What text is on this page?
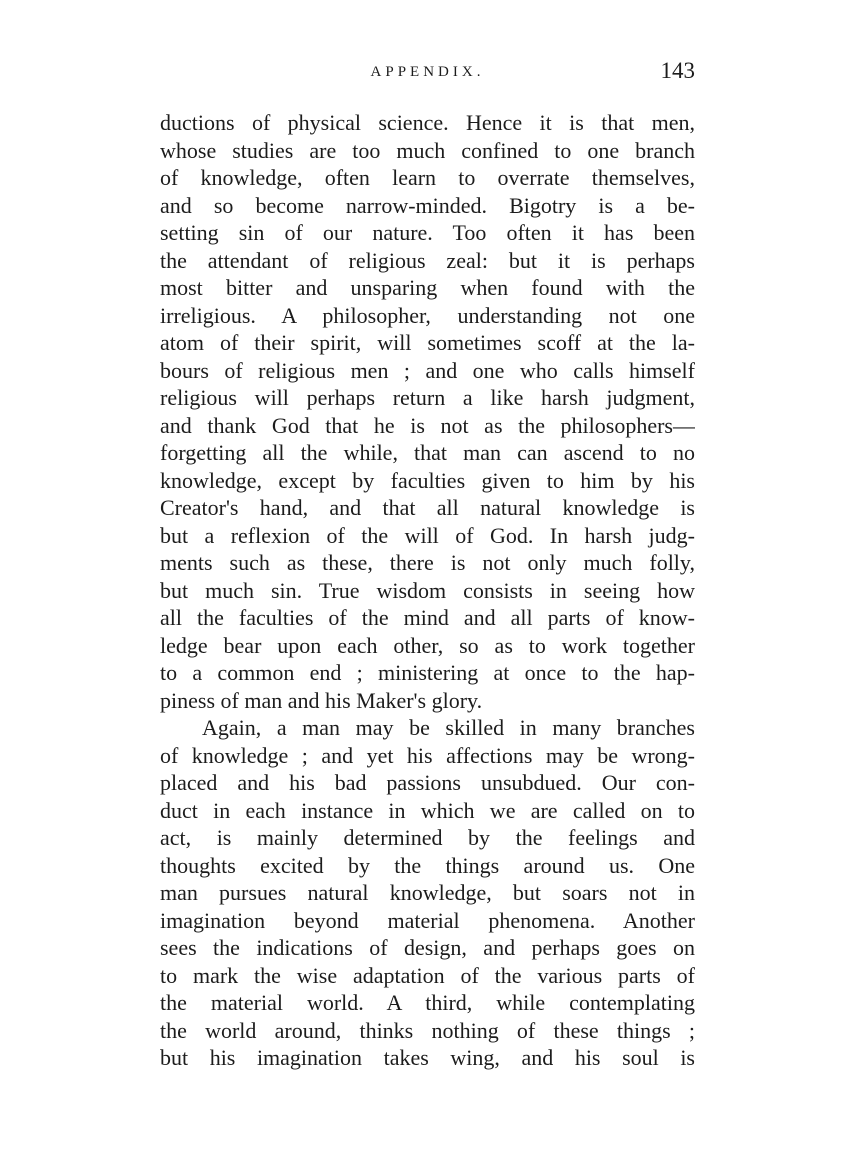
APPENDIX.	143
ductions of physical science. Hence it is that men,
whose studies are too much confined to one branch
of knowledge, often learn to overrate themselves,
and so become narrow-minded. Bigotry is a be-
setting sin of our nature. Too often it has been
the attendant of religious zeal: but it is perhaps
most bitter and unsparing when found with the
irreligious. A philosopher, understanding not one
atom of their spirit, will sometimes scoff at the la-
bours of religious men ; and one who calls himself
religious will perhaps return a like harsh judgment,
and thank God that he is not as the philosophers—
forgetting all the while, that man can ascend to no
knowledge, except by faculties given to him by his
Creator's hand, and that all natural knowledge is
but a reflexion of the will of God. In harsh judg-
ments such as these, there is not only much folly,
but much sin. True wisdom consists in seeing how
all the faculties of the mind and all parts of know-
ledge bear upon each other, so as to work together
to a common end ; ministering at once to the hap-
piness of man and his Maker's glory.
Again, a man may be skilled in many branches
of knowledge ; and yet his affections may be wrong-
placed and his bad passions unsubdued. Our con-
duct in each instance in which we are called on to
act, is mainly determined by the feelings and
thoughts excited by the things around us. One
man pursues natural knowledge, but soars not in
imagination beyond material phenomena. Another
sees the indications of design, and perhaps goes on
to mark the wise adaptation of the various parts of
the material world. A third, while contemplating
the world around, thinks nothing of these things ;
but his imagination takes wing, and his soul is
